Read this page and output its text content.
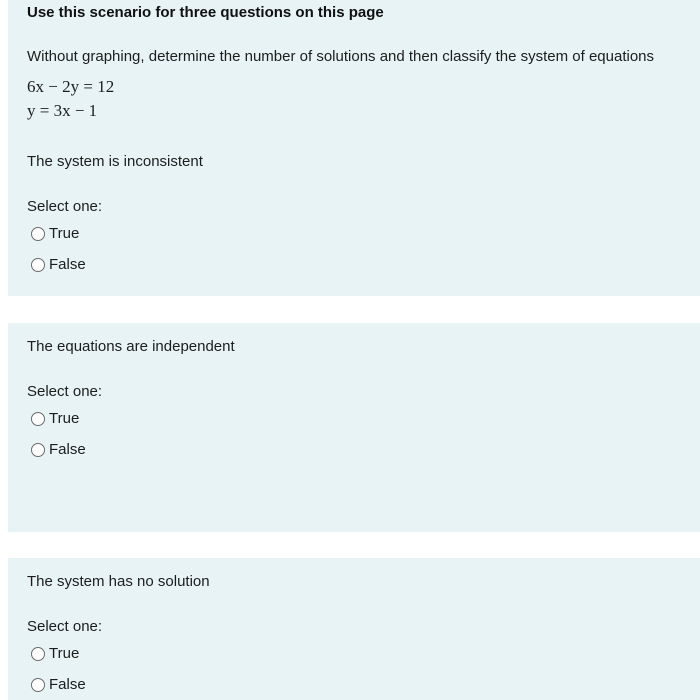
Use this scenario for three questions on this page
Without graphing, determine the number of solutions and then classify the system of equations
6x − 2y = 12
y = 3x − 1
The system is inconsistent
Select one:
True
False
The equations are independent
Select one:
True
False
The system has no solution
Select one:
True
False
